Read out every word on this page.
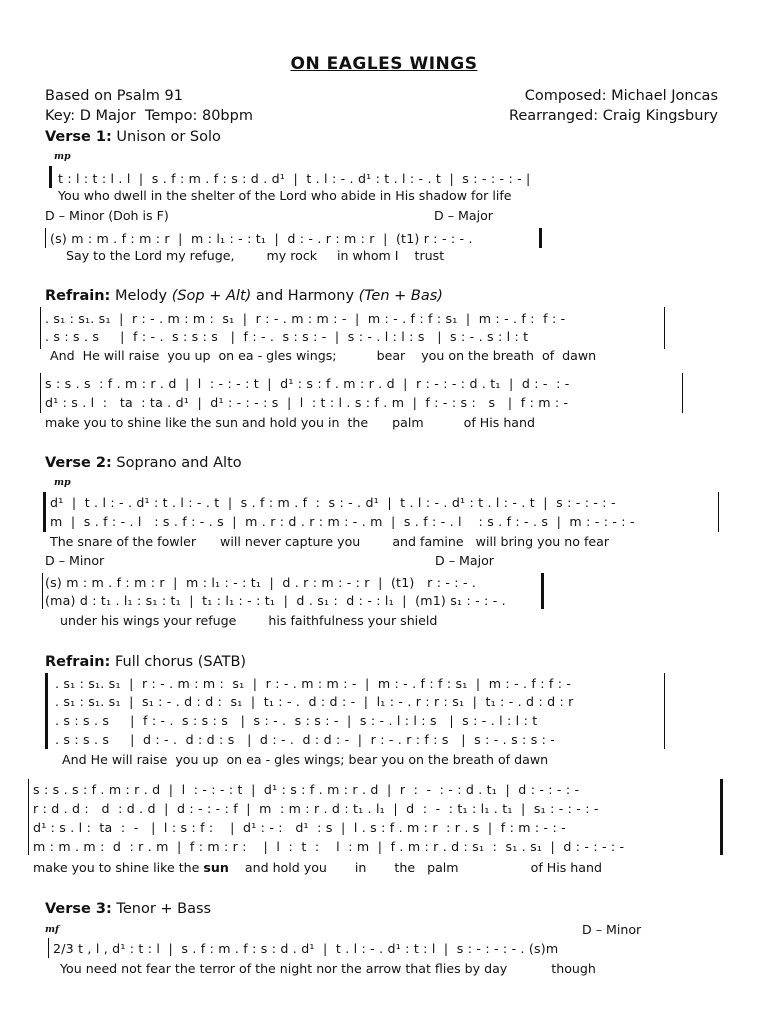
ON EAGLES WINGS
Based on Psalm 91	Composed: Michael Joncas
Key: D Major  Tempo: 80bpm	Rearranged: Craig Kingsbury
Verse 1: Unison or Solo
mp
t : l : t : l . l  |  s . f : m . f : s : d . d¹  |  t . l : - . d¹ : t . l : - . t  |  s : - : - : - |
You who dwell in the shelter of the Lord who abide in His shadow for life
D – Minor (Doh is F)	D – Major
(s) m : m . f : m : r  |  m : l₁ : - : t₁  |  d : - . r : m : r  |  (t1) r : - : - .
Say to the Lord my refuge,        my rock     in whom I    trust
Refrain: Melody (Sop + Alt) and Harmony (Ten + Bas)
. s₁ : s₁. s₁  |  r : - . m : m :  s₁  |  r : - . m : m : -  |  m : - . f : f : s₁  |  m : - . f :  f : -
. s : s . s     |  f : - .  s : s : s   |  f : - .  s : s : -  |  s : - . l : l : s   |  s : - . s : l : t
And  He will raise  you up  on ea - gles wings;          bear    you on the breath  of  dawn
s : s . s  : f . m : r . d  |  l  : - : - : t  |  d¹ : s : f . m : r . d  |  r : - : - : d . t₁  |  d : -  : -
d¹ : s . l  :   ta  : ta . d¹  |  d¹ : - : - : s  |  l  : t : l . s : f . m  |  f : - : s :   s   |  f : m : -
make you to shine like the sun and hold you in  the      palm          of His hand
Verse 2: Soprano and Alto
mp
d¹  |  t . l : - . d¹ : t . l : - . t  |  s . f : m . f  :  s : - . d¹  |  t . l : - . d¹ : t . l : - . t  |  s : - : - : -
m  |  s . f : - . l   : s . f : - . s  |  m . r : d . r : m : - . m  |  s . f : - . l    : s . f : - . s  |  m : - : - : -
The snare of the fowler      will never capture you        and famine   will bring you no fear
D – Minor	D – Major
(s) m : m . f : m : r  |  m : l₁ : - : t₁  |  d . r : m : - : r  |  (t1)   r : - : - .
(ma) d : t₁ . l₁ : s₁ : t₁  |  t₁ : l₁ : - : t₁  |  d . s₁ :  d : - : l₁  |  (m1) s₁ : - : - .
under his wings your refuge        his faithfulness your shield
Refrain: Full chorus (SATB)
. s₁ : s₁. s₁  |  r : - . m : m :  s₁  |  r : - . m : m : -  |  m : - . f : f : s₁  |  m : - . f : f : -
. s₁ : s₁. s₁  |  s₁ : - . d : d :  s₁  |  t₁ : - .  d : d : -  |  l₁ : - . r : r : s₁  |  t₁ : - . d : d : r
. s : s . s     |  f : - .  s : s : s   |  s : - .  s : s : -  |  s : - . l : l : s   |  s : - . l : l : t
. s : s . s     |  d : - .  d : d : s   |  d : - .  d : d : -  |  r : - . r : f : s   |  s : - . s : s : -
And He will raise  you up  on ea - gles wings; bear you on the breath of dawn
s : s . s : f . m : r . d  |  l  : - : - : t  |  d¹ : s : f . m : r . d  |  r  :  -  : - : d . t₁  |  d : - : - : -
r : d . d :   d  : d . d  |  d : - : - : f  |  m  : m : r . d : t₁ . l₁  |  d  :  -  : t₁ : l₁ . t₁  |  s₁ : - : - : -
d¹ : s . l :  ta  :  -   |  l : s : f :    |  d¹ : - :   d¹  : s  |  l . s : f . m : r  : r . s  |  f : m : - : -
m : m . m :  d  : r . m  |  f : m : r :    |  l  :  t  :    l  : m  |  f . m : r . d : s₁  :  s₁ . s₁  |  d : - : - : -
make you to shine like the sun    and hold you       in       the   palm                  of His hand
Verse 3: Tenor + Bass
mf	D – Minor
2/3 t , l , d¹ : t : l  |  s . f : m . f : s : d . d¹  |  t . l : - . d¹ : t : l  |  s : - : - : - . (s)m
You need not fear the terror of the night nor the arrow that flies by day           though
